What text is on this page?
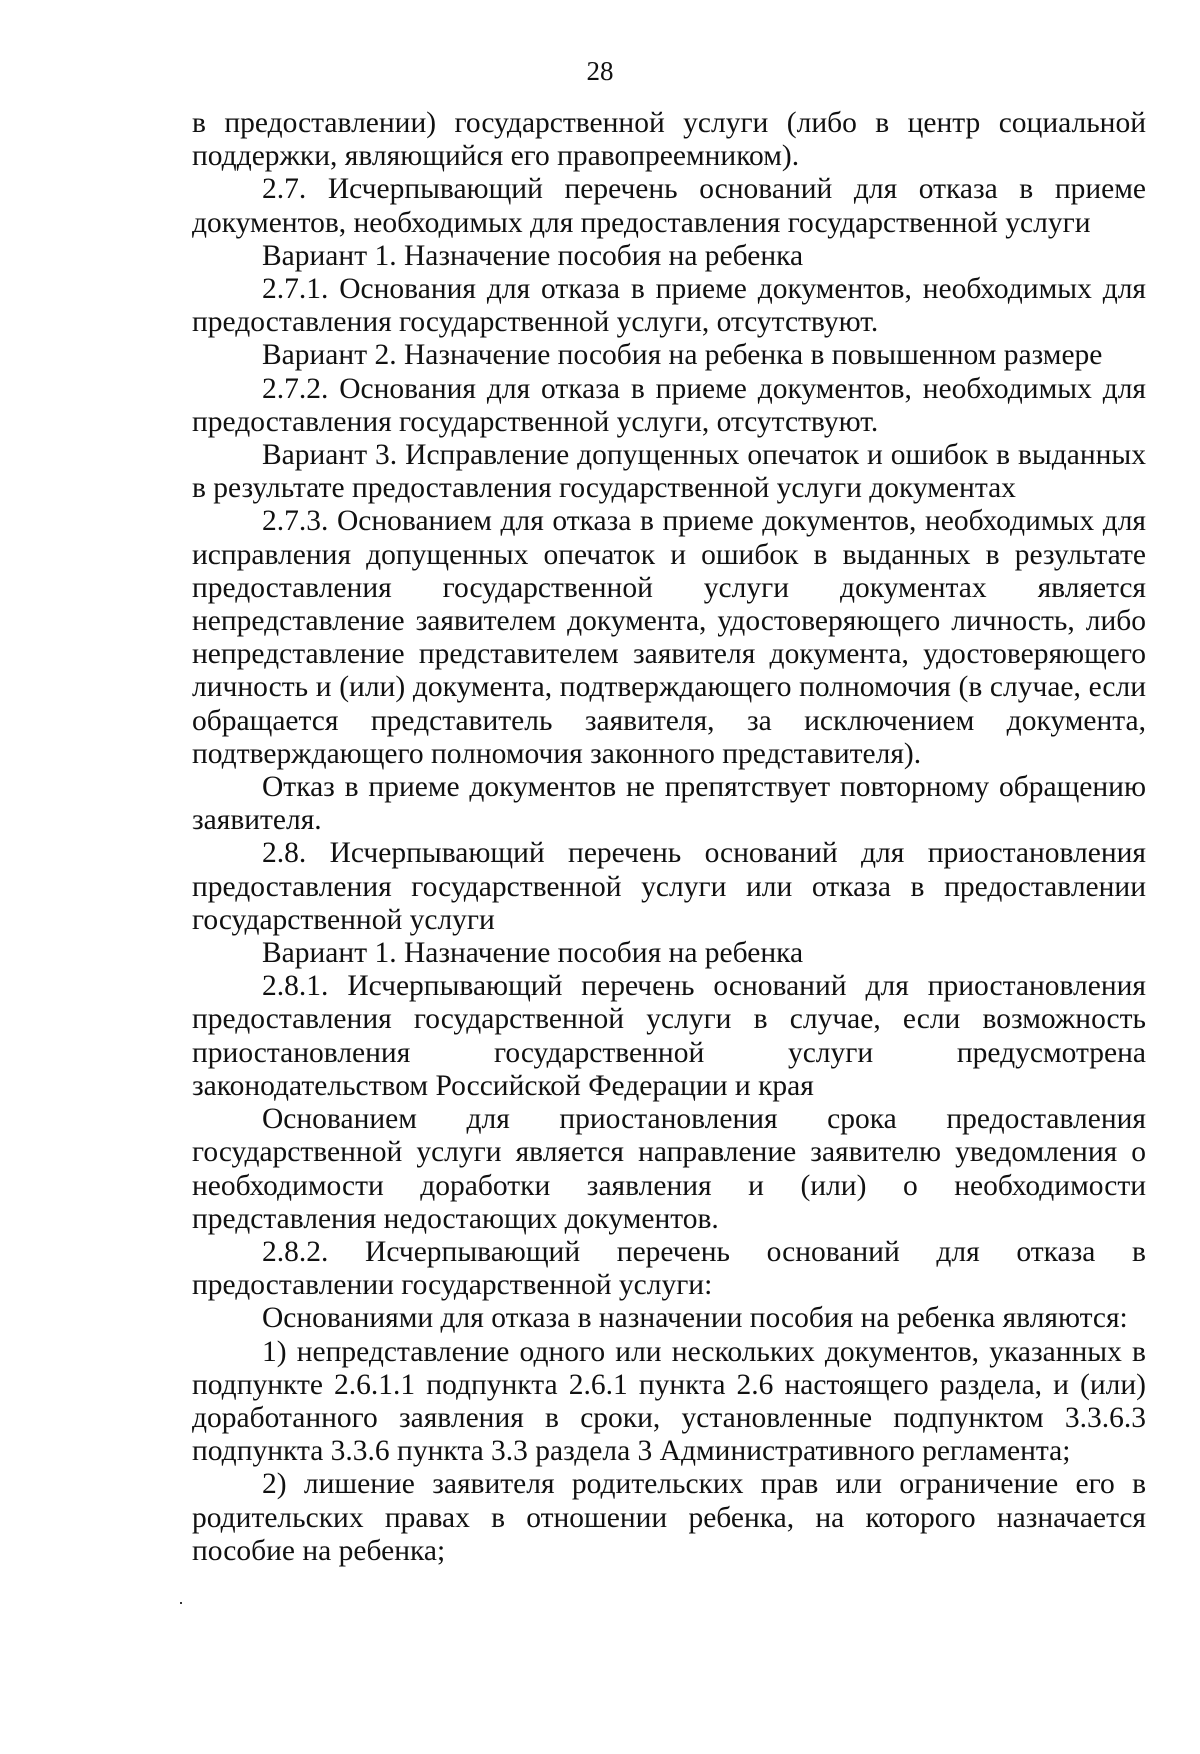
28

в предоставлении) государственной услуги (либо в центр социальной поддержки, являющийся его правопреемником).

2.7. Исчерпывающий перечень оснований для отказа в приеме документов, необходимых для предоставления государственной услуги

Вариант 1. Назначение пособия на ребенка

2.7.1. Основания для отказа в приеме документов, необходимых для предоставления государственной услуги, отсутствуют.

Вариант 2. Назначение пособия на ребенка в повышенном размере

2.7.2. Основания для отказа в приеме документов, необходимых для предоставления государственной услуги, отсутствуют.

Вариант 3. Исправление допущенных опечаток и ошибок в выданных в результате предоставления государственной услуги документах

2.7.3. Основанием для отказа в приеме документов, необходимых для исправления допущенных опечаток и ошибок в выданных в результате предоставления государственной услуги документах является непредставление заявителем документа, удостоверяющего личность, либо непредставление представителем заявителя документа, удостоверяющего личность и (или) документа, подтверждающего полномочия (в случае, если обращается представитель заявителя, за исключением документа, подтверждающего полномочия законного представителя).

Отказ в приеме документов не препятствует повторному обращению заявителя.

2.8. Исчерпывающий перечень оснований для приостановления предоставления государственной услуги или отказа в предоставлении государственной услуги

Вариант 1. Назначение пособия на ребенка

2.8.1. Исчерпывающий перечень оснований для приостановления предоставления государственной услуги в случае, если возможность приостановления государственной услуги предусмотрена законодательством Российской Федерации и края

Основанием для приостановления срока предоставления государственной услуги является направление заявителю уведомления о необходимости доработки заявления и (или) о необходимости представления недостающих документов.

2.8.2. Исчерпывающий перечень оснований для отказа в предоставлении государственной услуги:

Основаниями для отказа в назначении пособия на ребенка являются:

1) непредставление одного или нескольких документов, указанных в подпункте 2.6.1.1 подпункта 2.6.1 пункта 2.6 настоящего раздела, и (или) доработанного заявления в сроки, установленные подпунктом 3.3.6.3 подпункта 3.3.6 пункта 3.3 раздела 3 Административного регламента;

2) лишение заявителя родительских прав или ограничение его в родительских правах в отношении ребенка, на которого назначается пособие на ребенка;
